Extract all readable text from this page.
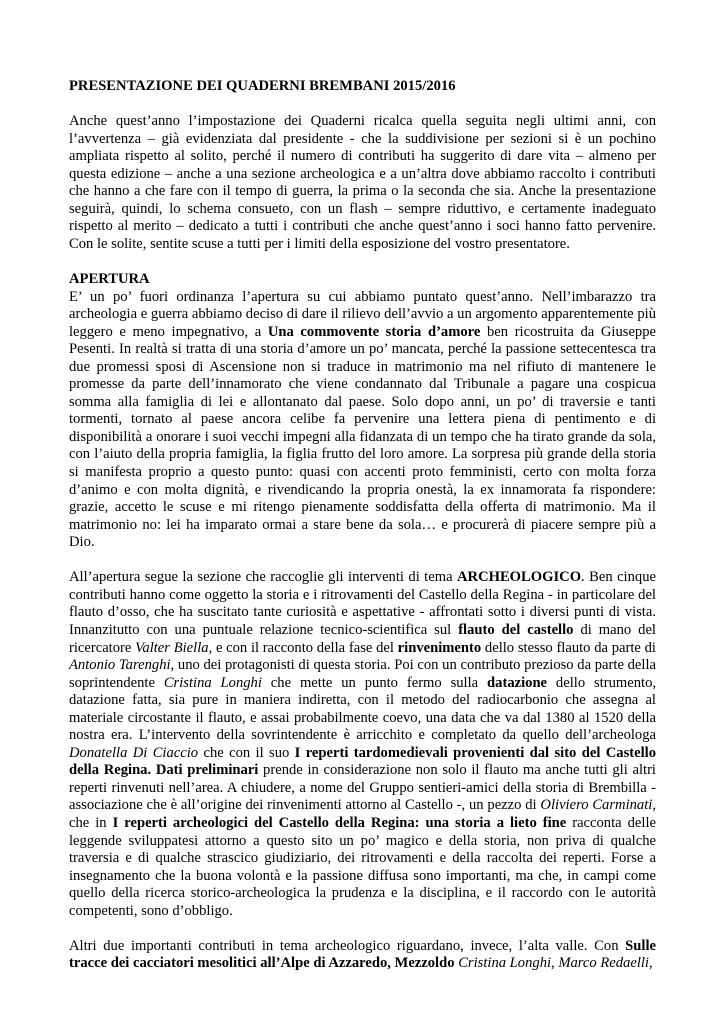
PRESENTAZIONE DEI QUADERNI BREMBANI 2015/2016

Anche quest’anno l’impostazione dei Quaderni ricalca quella seguita negli ultimi anni, con l’avvertenza – già evidenziata dal presidente - che la suddivisione per sezioni si è un pochino ampliata rispetto al solito, perché il numero di contributi ha suggerito di dare vita – almeno per questa edizione – anche a una sezione archeologica e a un’altra dove abbiamo raccolto i contributi che hanno a che fare con il tempo di guerra, la prima o la seconda che sia. Anche la presentazione seguirà, quindi, lo schema consueto, con un flash – sempre riduttivo, e certamente inadeguato rispetto al merito – dedicato a tutti i contributi che anche quest’anno i soci hanno fatto pervenire. Con le solite, sentite scuse a tutti per i limiti della esposizione del vostro presentatore.

APERTURA

E’ un po’ fuori ordinanza l’apertura su cui abbiamo puntato quest’anno. Nell’imbarazzo tra archeologia e guerra abbiamo deciso di dare il rilievo dell’avvio a un argomento apparentemente più leggero e meno impegnativo, a Una commovente storia d’amore ben ricostruita da Giuseppe Pesenti. In realtà si tratta di una storia d’amore un po’ mancata, perché la passione settecentesca tra due promessi sposi di Ascensione non si traduce in matrimonio ma nel rifiuto di mantenere le promesse da parte dell’innamorato che viene condannato dal Tribunale a pagare una cospicua somma alla famiglia di lei e allontanato dal paese. Solo dopo anni, un po’ di traversie e tanti tormenti, tornato al paese ancora celibe fa pervenire una lettera piena di pentimento e di disponibilità a onorare i suoi vecchi impegni alla fidanzata di un tempo che ha tirato grande da sola, con l’aiuto della propria famiglia, la figlia frutto del loro amore. La sorpresa più grande della storia si manifesta proprio a questo punto: quasi con accenti proto femministi, certo con molta forza d’animo e con molta dignità, e rivendicando la propria onestà, la ex innamorata fa rispondere: grazie, accetto le scuse e mi ritengo pienamente soddisfatta della offerta di matrimonio. Ma il matrimonio no: lei ha imparato ormai a stare bene da sola… e procurerà di piacere sempre più a Dio.

All’apertura segue la sezione che raccoglie gli interventi di tema ARCHEOLOGICO. Ben cinque contributi hanno come oggetto la storia e i ritrovamenti del Castello della Regina - in particolare del flauto d’osso, che ha suscitato tante curiosità e aspettative - affrontati sotto i diversi punti di vista. Innanzitutto con una puntuale relazione tecnico-scientifica sul flauto del castello di mano del ricercatore Valter Biella, e con il racconto della fase del rinvenimento dello stesso flauto da parte di Antonio Tarenghi, uno dei protagonisti di questa storia. Poi con un contributo prezioso da parte della soprintendente Cristina Longhi che mette un punto fermo sulla datazione dello strumento, datazione fatta, sia pure in maniera indiretta, con il metodo del radiocarbonio che assegna al materiale circostante il flauto, e assai probabilmente coevo, una data che va dal 1380 al 1520 della nostra era. L’intervento della sovrintendente è arricchito e completato da quello dell’archeologa Donatella Di Ciaccio che con il suo I reperti tardomedievali provenienti dal sito del Castello della Regina. Dati preliminari prende in considerazione non solo il flauto ma anche tutti gli altri reperti rinvenuti nell’area. A chiudere, a nome del Gruppo sentieri-amici della storia di Brembilla - associazione che è all’origine dei rinvenimenti attorno al Castello -, un pezzo di Oliviero Carminati, che in I reperti archeologici del Castello della Regina: una storia a lieto fine racconta delle leggende sviluppatesi attorno a questo sito un po’ magico e della storia, non priva di qualche traversia e di qualche strascico giudiziario, dei ritrovamenti e della raccolta dei reperti. Forse a insegnamento che la buona volontà e la passione diffusa sono importanti, ma che, in campi come quello della ricerca storico-archeologica la prudenza e la disciplina, e il raccordo con le autorità competenti, sono d’obbligo.

Altri due importanti contributi in tema archeologico riguardano, invece, l’alta valle. Con Sulle tracce dei cacciatori mesolitici all’Alpe di Azzaredo, Mezzoldo Cristina Longhi, Marco Redaelli,
